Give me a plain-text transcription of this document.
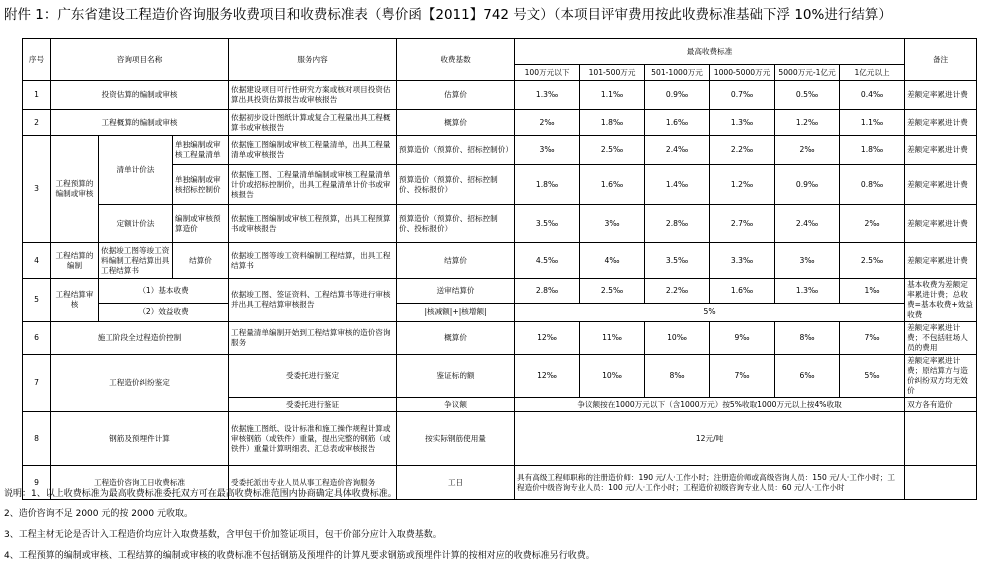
附件 1：广东省建设工程造价咨询服务收费项目和收费标准表（粤价函【2011】742 号文）（本项目评审费用按此收费标准基础下浮 10%进行结算）
序号	咨询项目名称			服务内容	收费基数	最高收费标准						备注
						100万元以下	101-500万元	501-1000万元	1000-5000万元	5000万元-1亿元	1亿元以上	
1	投资估算的编制或审核			依据建设项目可行性研究方案或核对项目投资估算出具投资估算报告或审核报告	估算价	1.3‰	1.1‰	0.9‰	0.7‰	0.5‰	0.4‰	差额定率累进计费
2	工程概算的编制或审核			依据初步设计图纸计算或复合工程量出具工程概算书或审核报告	概算价	2‰	1.8‰	1.6‰	1.3‰	1.2‰	1.1‰	差额定率累进计费
3	工程预算的编制或审核	清单计价法	单独编制或审核工程量清单	依据施工图编制或审核工程量清单，出具工程量清单或审核报告	预算造价（预算价、招标控制价）	3‰	2.5‰	2.4‰	2.2‰	2‰	1.8‰	差额定率累进计费
			单独编制或审核招标控制价	依据施工图、工程量清单编制或审核工程量清单计价或招标控制价，出具工程量清单计价书或审核报告	预算造价（预算价、招标控制价、投标报价）	1.8‰	1.6‰	1.4‰	1.2‰	0.9‰	0.8‰	差额定率累进计费
		定额计价法	编制或审核预算造价	依据施工图编制或审核工程预算，出具工程预算书或审核报告	预算造价（预算价、招标控制价、投标报价）	3.5‰	3‰	2.8‰	2.7‰	2.4‰	2‰	差额定率累进计费
4	工程结算的编制	依据竣工图等竣工资料编制工程结算出具工程结算书	结算价	依据竣工图等竣工资料编制工程结算，出具工程结算书	结算价	4.5‰	4‰	3.5‰	3.3‰	3‰	2.5‰	差额定率累进计费
5	工程结算审核	（1）基本收费		依据竣工图、签证资料、工程结算书等进行审核并出具工程结算审核报告	送审结算价	2.8‰	2.5‰	2.2‰	1.6‰	1.3‰	1‰	基本收费为差额定率累进计费；总收费=基本收费+效益收费
		（2）效益收费			|核减额|+|核增额|	5%						
6	施工阶段全过程造价控制			工程量清单编制开始到工程结算审核的造价咨询服务	概算价	12‰	11‰	10‰	9‰	8‰	7‰	差额定率累进计费；不包括驻场人员的费用
7	工程造价纠纷鉴定			受委托进行鉴定	鉴证标的额	12‰	10‰	8‰	7‰	6‰	5‰	差额定率累进计费；原结算方与造价纠纷双方均无效价
				受委托进行鉴证	争议额	争议额按在1000万元以下（含1000万元）按5%收取1000万元以上按4%收取						双方各有造价
8	钢筋及预埋件计算			依据施工图纸、设计标准和施工操作规程计算或审核钢筋（或铁件）重量，提出完整的钢筋（或铁件）重量计算明细表、汇总表或审核报告	按实际钢筋使用量	12元/吨						
9	工程造价咨询工日收费标准			受委托派出专业人员从事工程造价咨询服务	工日	具有高级工程师职称的注册造价师：190 元/人·工作小时；注册造价师或高级咨询人员：150 元/人·工作小时；工程造价中级咨询专业人员：100 元/人·工作小时；工程造价初级咨询专业人员：60 元/人·工作小时						
说明：1、以上收费标准为最高收费标准委托双方可在最高收费标准范围内协商确定具体收费标准。
2、造价咨询不足 2000 元的按 2000 元收取。
3、工程主材无论是否计入工程造价均应计入取费基数，含甲包干价加签证项目，包干价部分应计入取费基数。
4、工程预算的编制或审核、工程结算的编制或审核的收费标准不包括钢筋及预埋件的计算凡要求钢筋或预埋件计算的按相对应的收费标准另行收费。
